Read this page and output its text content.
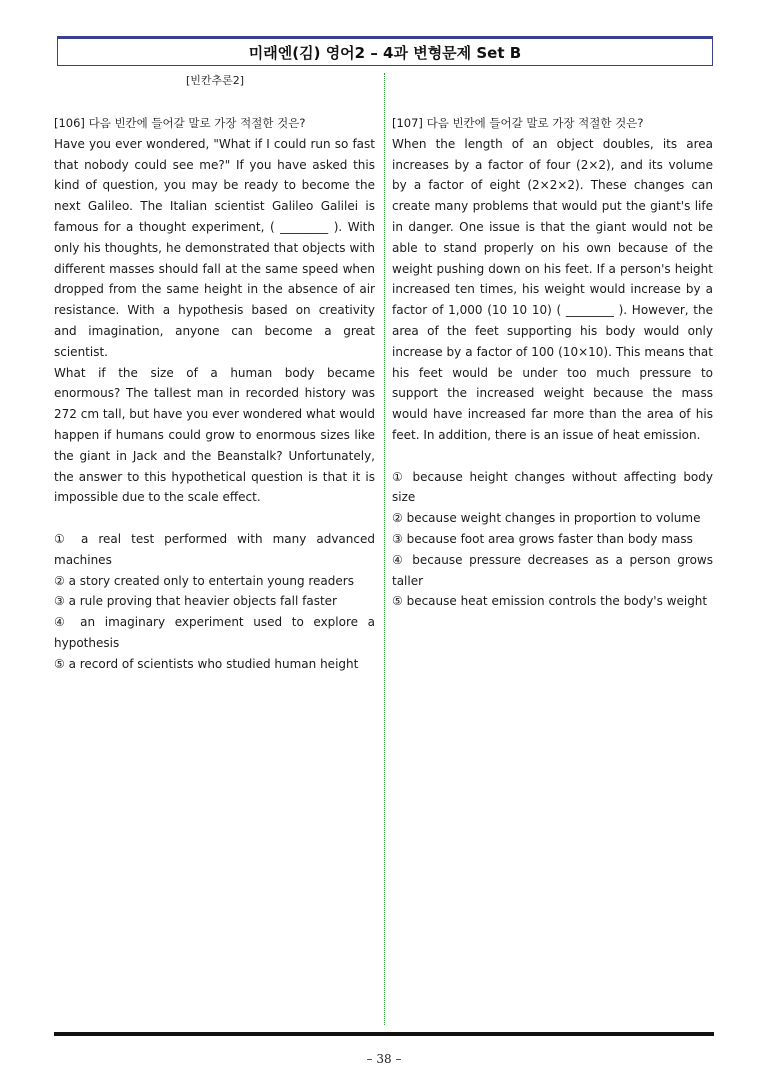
미래엔(김) 영어2 – 4과 변형문제 Set B
[빈칸추론2]

[106] 다음 빈칸에 들어갈 말로 가장 적절한 것은?

Have you ever wondered, "What if I could run so fast that nobody could see me?" If you have asked this kind of question, you may be ready to become the next Galileo. The Italian scientist Galileo Galilei is famous for a thought experiment, ( ________ ). With only his thoughts, he demonstrated that objects with different masses should fall at the same speed when dropped from the same height in the absence of air resistance. With a hypothesis based on creativity and imagination, anyone can become a great scientist.

What if the size of a human body became enormous? The tallest man in recorded history was 272 cm tall, but have you ever wondered what would happen if humans could grow to enormous sizes like the giant in Jack and the Beanstalk? Unfortunately, the answer to this hypothetical question is that it is impossible due to the scale effect.

① a real test performed with many advanced machines
② a story created only to entertain young readers
③ a rule proving that heavier objects fall faster
④ an imaginary experiment used to explore a hypothesis
⑤ a record of scientists who studied human height

[107] 다음 빈칸에 들어갈 말로 가장 적절한 것은?

When the length of an object doubles, its area increases by a factor of four (2×2), and its volume by a factor of eight (2×2×2). These changes can create many problems that would put the giant's life in danger. One issue is that the giant would not be able to stand properly on his own because of the weight pushing down on his feet. If a person's height increased ten times, his weight would increase by a factor of 1,000 (10 10 10) ( ________ ). However, the area of the feet supporting his body would only increase by a factor of 100 (10×10). This means that his feet would be under too much pressure to support the increased weight because the mass would have increased far more than the area of his feet. In addition, there is an issue of heat emission.

① because height changes without affecting body size
② because weight changes in proportion to volume
③ because foot area grows faster than body mass
④ because pressure decreases as a person grows taller
⑤ because heat emission controls the body's weight
– 38 –
